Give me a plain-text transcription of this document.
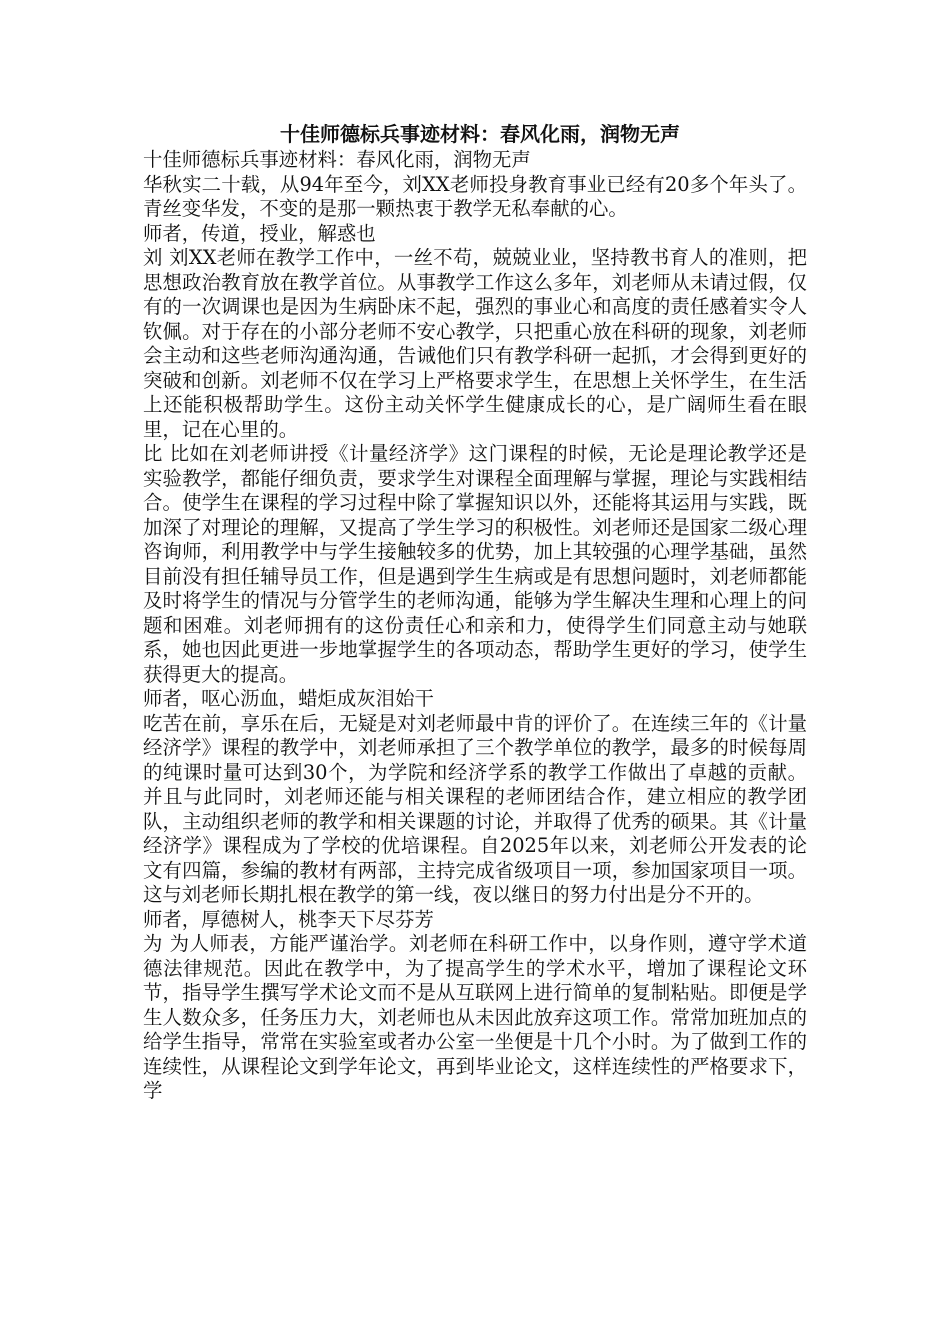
十佳师德标兵事迹材料：春风化雨，润物无声

十佳师德标兵事迹材料：春风化雨，润物无声

华秋实二十载，从94年至今，刘XX老师投身教育事业已经有20多个年头了。青丝变华发，不变的是那一颗热衷于教学无私奉献的心。

师者，传道，授业，解惑也

刘 刘XX老师在教学工作中，一丝不苟，兢兢业业，坚持教书育人的准则，把思想政治教育放在教学首位。从事教学工作这么多年，刘老师从未请过假，仅有的一次调课也是因为生病卧床不起，强烈的事业心和高度的责任感着实令人钦佩。对于存在的小部分老师不安心教学，只把重心放在科研的现象，刘老师会主动和这些老师沟通沟通，告诫他们只有教学科研一起抓，才会得到更好的突破和创新。刘老师不仅在学习上严格要求学生，在思想上关怀学生，在生活上还能积极帮助学生。这份主动关怀学生健康成长的心，是广阔师生看在眼里，记在心里的。

比 比如在刘老师讲授《计量经济学》这门课程的时候，无论是理论教学还是实验教学，都能仔细负责，要求学生对课程全面理解与掌握，理论与实践相结合。使学生在课程的学习过程中除了掌握知识以外，还能将其运用与实践，既加深了对理论的理解，又提高了学生学习的积极性。刘老师还是国家二级心理咨询师，利用教学中与学生接触较多的优势，加上其较强的心理学基础，虽然目前没有担任辅导员工作，但是遇到学生生病或是有思想问题时，刘老师都能及时将学生的情况与分管学生的老师沟通，能够为学生解决生理和心理上的问题和困难。刘老师拥有的这份责任心和亲和力，使得学生们同意主动与她联系，她也因此更进一步地掌握学生的各项动态，帮助学生更好的学习，使学生获得更大的提高。

师者，呕心沥血，蜡炬成灰泪始干

吃苦在前，享乐在后，无疑是对刘老师最中肯的评价了。在连续三年的《计量经济学》课程的教学中，刘老师承担了三个教学单位的教学，最多的时候每周的纯课时量可达到30个，为学院和经济学系的教学工作做出了卓越的贡献。并且与此同时，刘老师还能与相关课程的老师团结合作，建立相应的教学团队，主动组织老师的教学和相关课题的讨论，并取得了优秀的硕果。其《计量经济学》课程成为了学校的优培课程。自2025年以来，刘老师公开发表的论文有四篇，参编的教材有两部，主持完成省级项目一项，参加国家项目一项。这与刘老师长期扎根在教学的第一线，夜以继日的努力付出是分不开的。

师者，厚德树人，桃李天下尽芬芳

为 为人师表，方能严谨治学。刘老师在科研工作中，以身作则，遵守学术道德法律规范。因此在教学中，为了提高学生的学术水平，增加了课程论文环节，指导学生撰写学术论文而不是从互联网上进行简单的复制粘贴。即便是学生人数众多，任务压力大，刘老师也从未因此放弃这项工作。常常加班加点的给学生指导，常常在实验室或者办公室一坐便是十几个小时。为了做到工作的连续性，从课程论文到学年论文，再到毕业论文，这样连续性的严格要求下，学
